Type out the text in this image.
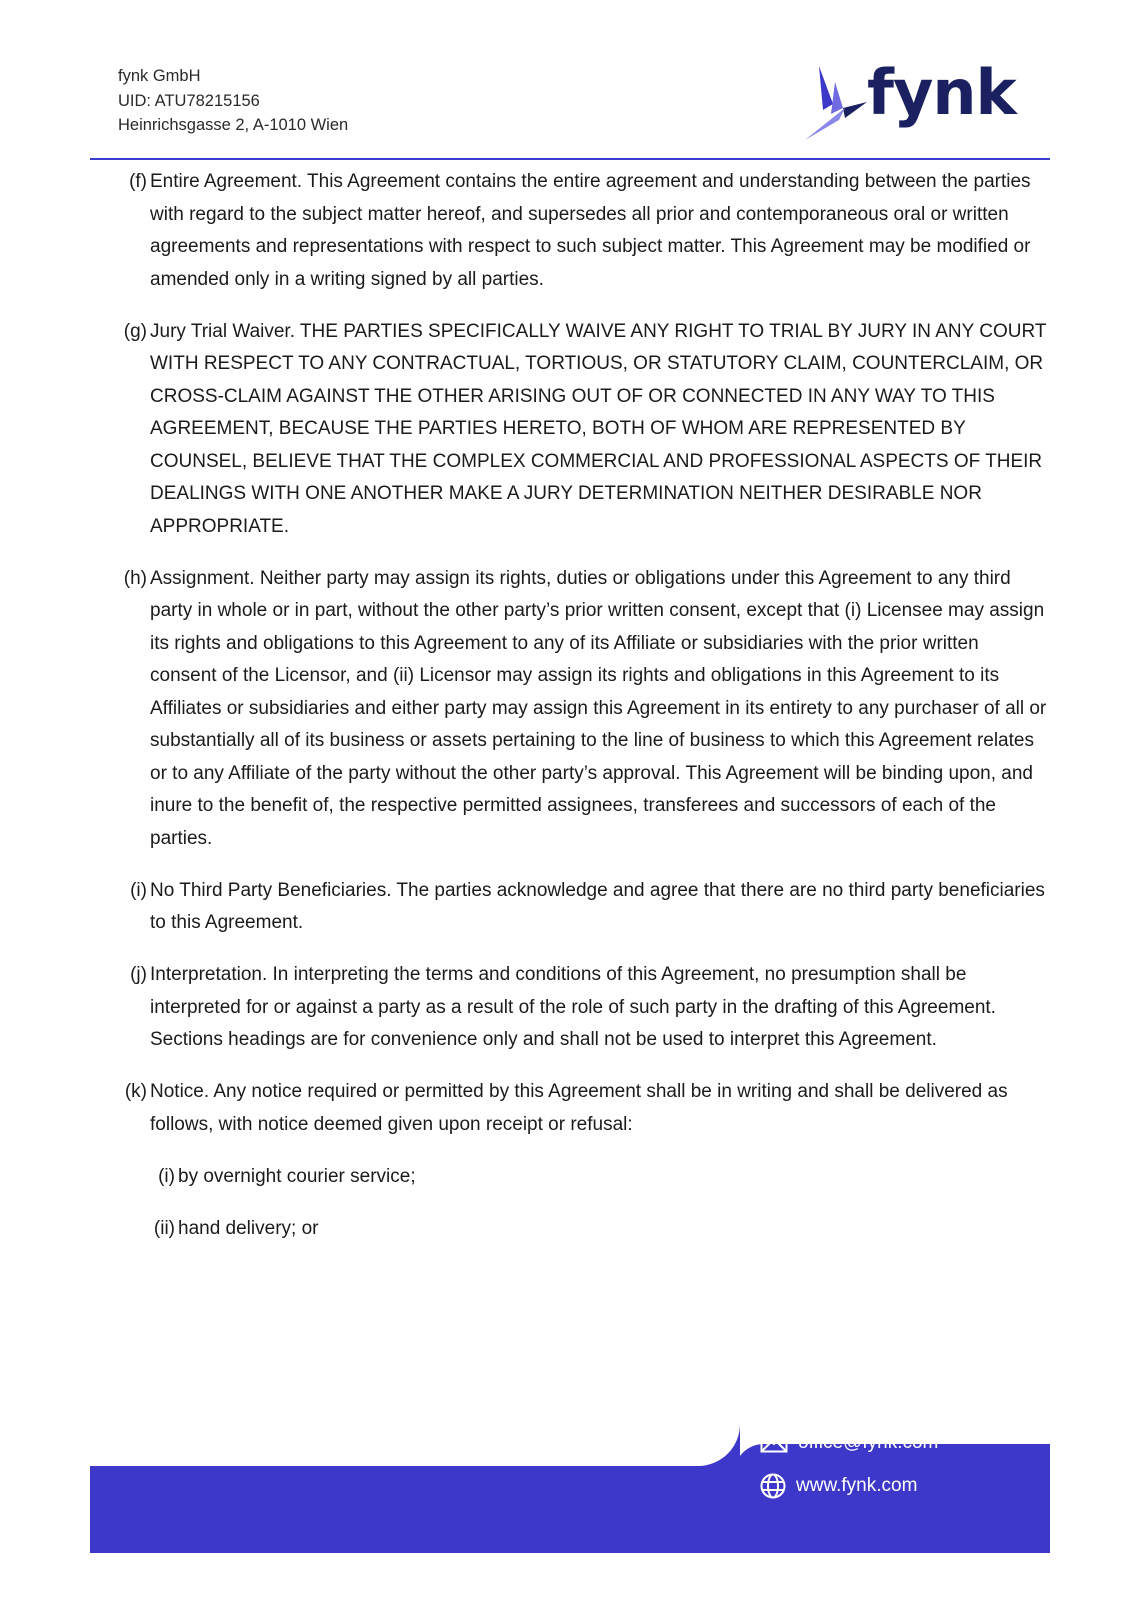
fynk GmbH
UID: ATU78215156
Heinrichsgasse 2, A-1010 Wien	fynk
(f) Entire Agreement. This Agreement contains the entire agreement and understanding between the parties with regard to the subject matter hereof, and supersedes all prior and contemporaneous oral or written agreements and representations with respect to such subject matter. This Agreement may be modified or amended only in a writing signed by all parties.
(g) Jury Trial Waiver. THE PARTIES SPECIFICALLY WAIVE ANY RIGHT TO TRIAL BY JURY IN ANY COURT WITH RESPECT TO ANY CONTRACTUAL, TORTIOUS, OR STATUTORY CLAIM, COUNTERCLAIM, OR CROSS-CLAIM AGAINST THE OTHER ARISING OUT OF OR CONNECTED IN ANY WAY TO THIS AGREEMENT, BECAUSE THE PARTIES HERETO, BOTH OF WHOM ARE REPRESENTED BY COUNSEL, BELIEVE THAT THE COMPLEX COMMERCIAL AND PROFESSIONAL ASPECTS OF THEIR DEALINGS WITH ONE ANOTHER MAKE A JURY DETERMINATION NEITHER DESIRABLE NOR APPROPRIATE.
(h) Assignment. Neither party may assign its rights, duties or obligations under this Agreement to any third party in whole or in part, without the other party’s prior written consent, except that (i) Licensee may assign its rights and obligations to this Agreement to any of its Affiliate or subsidiaries with the prior written consent of the Licensor, and (ii) Licensor may assign its rights and obligations in this Agreement to its Affiliates or subsidiaries and either party may assign this Agreement in its entirety to any purchaser of all or substantially all of its business or assets pertaining to the line of business to which this Agreement relates or to any Affiliate of the party without the other party’s approval. This Agreement will be binding upon, and inure to the benefit of, the respective permitted assignees, transferees and successors of each of the parties.
(i) No Third Party Beneficiaries. The parties acknowledge and agree that there are no third party beneficiaries to this Agreement.
(j) Interpretation. In interpreting the terms and conditions of this Agreement, no presumption shall be interpreted for or against a party as a result of the role of such party in the drafting of this Agreement. Sections headings are for convenience only and shall not be used to interpret this Agreement.
(k) Notice. Any notice required or permitted by this Agreement shall be in writing and shall be delivered as follows, with notice deemed given upon receipt or refusal:
(i) by overnight courier service;
(ii) hand delivery; or
office@fynk.com
www.fynk.com
